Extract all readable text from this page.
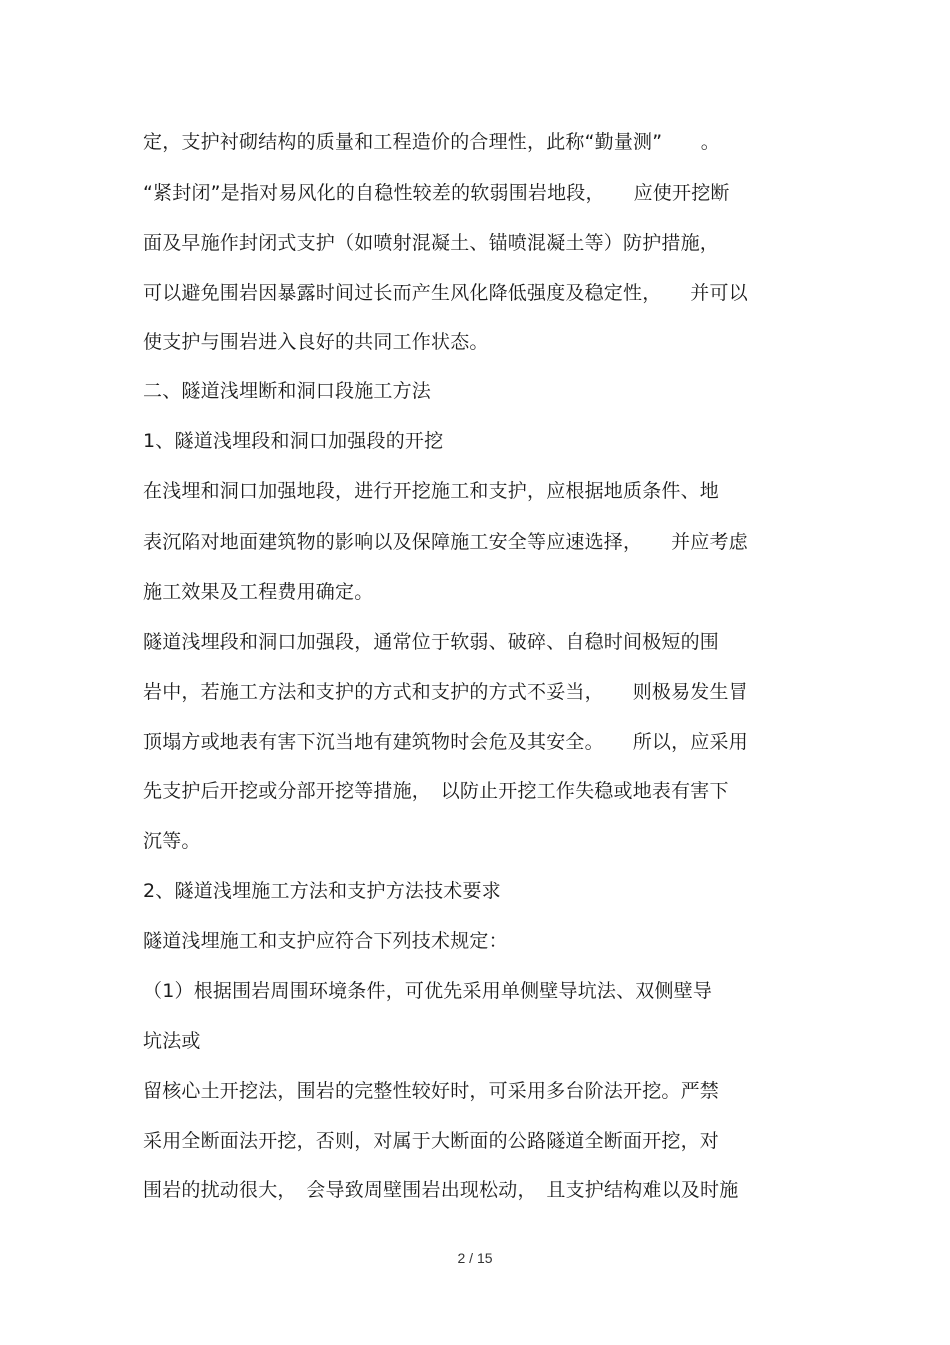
定，支护衬砌结构的质量和工程造价的合理性，此称“勤量测”　　。
“紧封闭”是指对易风化的自稳性较差的软弱围岩地段，　　应使开挖断
面及早施作封闭式支护（如喷射混凝土、锚喷混凝土等）防护措施，
可以避免围岩因暴露时间过长而产生风化降低强度及稳定性，　　并可以
使支护与围岩进入良好的共同工作状态。
二、隧道浅埋断和洞口段施工方法
1、隧道浅埋段和洞口加强段的开挖
在浅埋和洞口加强地段，进行开挖施工和支护，应根据地质条件、地
表沉陷对地面建筑物的影响以及保障施工安全等应速选择，　　并应考虑
施工效果及工程费用确定。
隧道浅埋段和洞口加强段，通常位于软弱、破碎、自稳时间极短的围
岩中，若施工方法和支护的方式和支护的方式不妥当，　　则极易发生冒
顶塌方或地表有害下沉当地有建筑物时会危及其安全。　　所以，应采用
先支护后开挖或分部开挖等措施，　以防止开挖工作失稳或地表有害下
沉等。
2、隧道浅埋施工方法和支护方法技术要求
隧道浅埋施工和支护应符合下列技术规定：
（1）根据围岩周围环境条件，可优先采用单侧壁导坑法、双侧壁导
坑法或
留核心土开挖法，围岩的完整性较好时，可采用多台阶法开挖。严禁
采用全断面法开挖，否则，对属于大断面的公路隧道全断面开挖，对
围岩的扰动很大，　会导致周壁围岩出现松动，　且支护结构难以及时施
2 / 15
